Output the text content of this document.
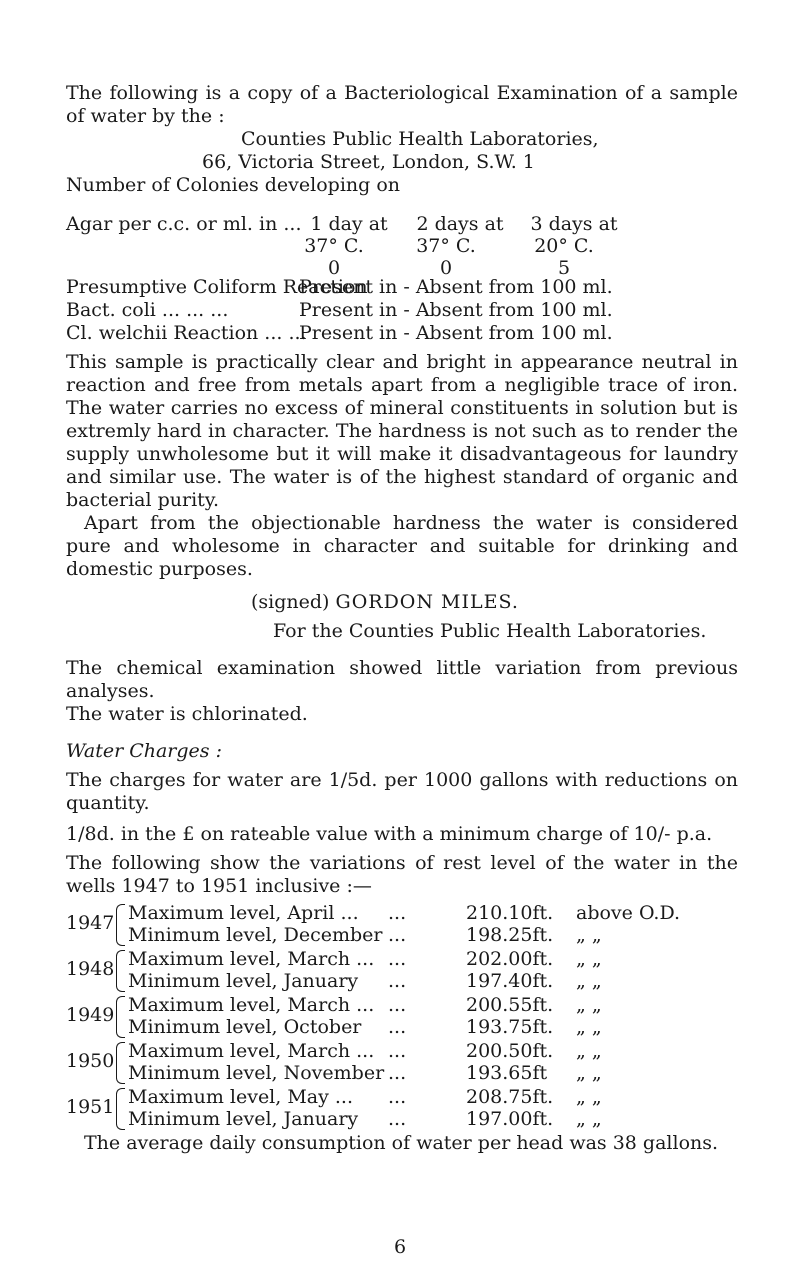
The following is a copy of a Bacteriological Examination of a sample of water by the :

Counties Public Health Laboratories,

66, Victoria Street, London, S.W. 1

Number of Colonies developing on

Agar per c.c. or ml. in ... 1 day at
37° C.
0
2 days at
37° C.
0
3 days at
20° C.
5
Presumptive Coliform Reaction
Present in - Absent from 100 ml.
Bact. coli ... ... ...	Present in - Absent from 100 ml.
Cl. welchii Reaction ... ...
Present in - Absent from 100 ml.

This sample is practically clear and bright in appearance neutral in reaction and free from metals apart from a negligible trace of iron. The water carries no excess of mineral constituents in solution but is extremly hard in character. The hardness is not such as to render the supply unwholesome but it will make it disadvantageous for laundry and similar use. The water is of the highest standard of organic and bacterial purity.

Apart from the objectionable hardness the water is considered pure and wholesome in character and suitable for drinking and domestic purposes.

(signed) GORDON MILES.

For the Counties Public Health Laboratories.

The chemical examination showed little variation from previous analyses.

The water is chlorinated.

Water Charges :

The charges for water are 1/5d. per 1000 gallons with reductions on quantity.

1/8d. in the £ on rateable value with a minimum charge of 10/- p.a.

The following show the variations of rest level of the water in the wells 1947 to 1951 inclusive :—

1947 Maximum level, April ...
Minimum level, December
...
...
210.10ft.
198.25ft.
above O.D.
„ „
1948 Maximum level, March ...
Minimum level, January
...
...
202.00ft.
197.40ft.
„ „
„ „
1949 Maximum level, March ...
Minimum level, October
...
...
200.55ft.
193.75ft.
„ „
„ „
1950 Maximum level, March ...
Minimum level, November
...
...
200.50ft.
193.65ft
„ „
„ „
1951 Maximum level, May ...
Minimum level, January
...
...
208.75ft.
197.00ft.
„ „
„ „

The average daily consumption of water per head was 38 gallons.

6
